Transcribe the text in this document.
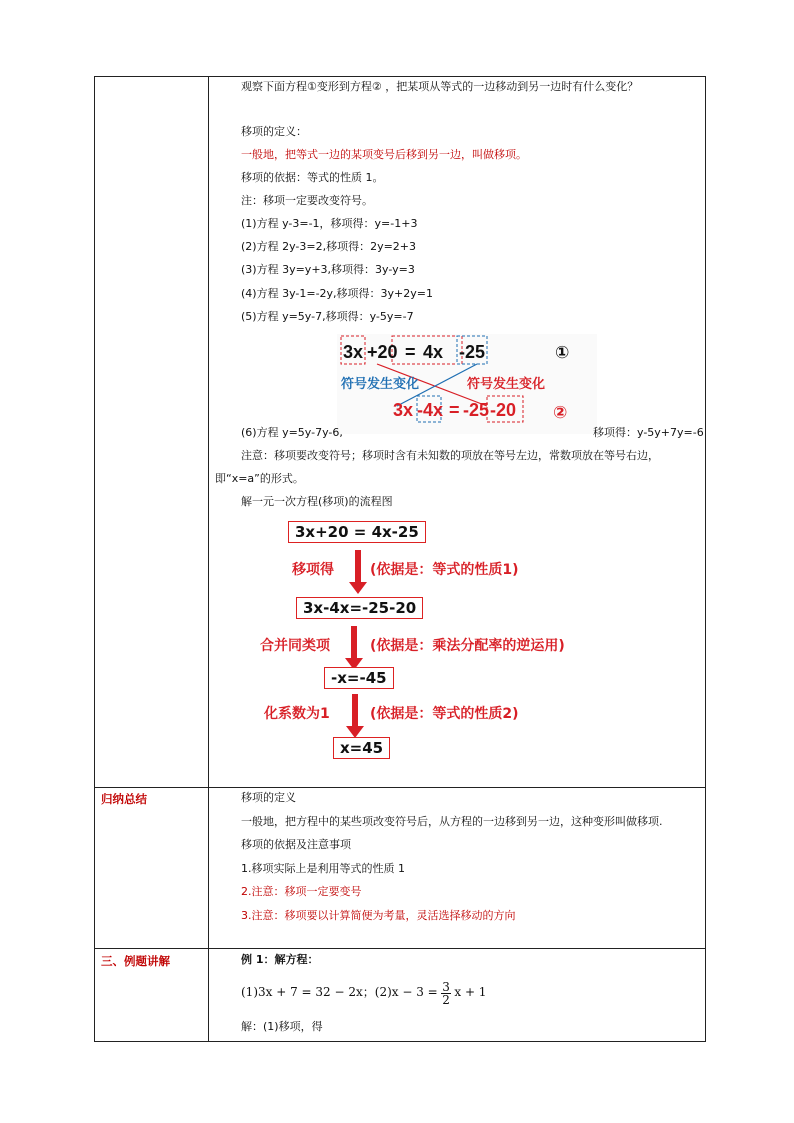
观察下面方程①变形到方程② ，把某项从等式的一边移动到另一边时有什么变化？
移项的定义：
一般地，把等式一边的某项变号后移到另一边，叫做移项。
移项的依据：等式的性质 1。
注：移项一定要改变符号。
(1)方程 y-3=-1，移项得：y=-1+3
(2)方程 2y-3=2,移项得：2y=2+3
(3)方程 3y=y+3,移项得：3y-y=3
(4)方程 3y-1=-2y,移项得：3y+2y=1
(5)方程 y=5y-7,移项得：y-5y=-7
3x +20 = 4x -25	①
符号发生变化	符号发生变化
3x -4x = -25 -20 ②
(6)方程 y=5y-7y-6,	移项得：y-5y+7y=-6
注意：移项要改变符号；移项时含有未知数的项放在等号左边，常数项放在等号右边，
即“x=a”的形式。
解一元一次方程(移项)的流程图
3x+20 = 4x-25
移项得	(依据是：等式的性质1)
3x-4x=-25-20
合并同类项	(依据是：乘法分配率的逆运用)
-x=-45
化系数为1	(依据是：等式的性质2)
x=45
归纳总结	移项的定义
一般地，把方程中的某些项改变符号后，从方程的一边移到另一边，这种变形叫做移项.
移项的依据及注意事项
1.移项实际上是利用等式的性质 1
2.注意：移项一定要变号
3.注意：移项要以计算简便为考量，灵活选择移动的方向
三、例题讲解	例 1：解方程：
(1)3x + 7 = 32 − 2x；$(2)x - 3 = \frac{3}{2}$ x + 1
解：(1)移项，得
